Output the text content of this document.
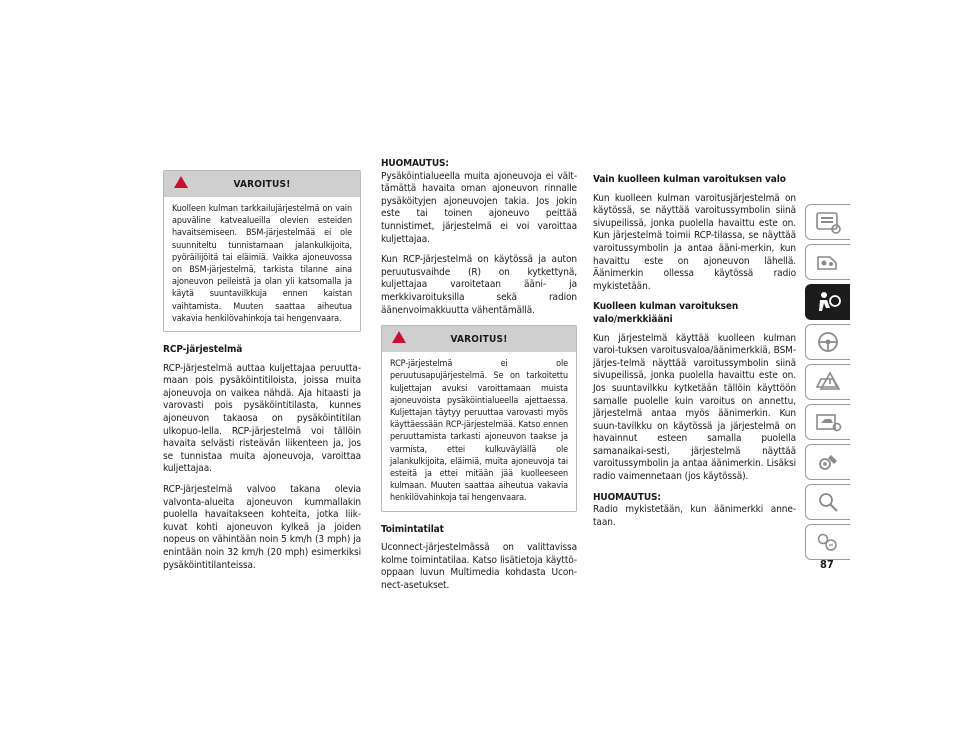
VAROITUS!

Kuolleen kulman tarkkailujärjestelmä on vain apuväline katvealueilla olevien esteiden havaitsemiseen. BSM-järjestelmää ei ole suunniteltu tunnistamaan jalankulkijoita, pyöräilijöitä tai eläimiä. Vaikka ajoneuvossa on BSM-järjestelmä, tarkista tilanne aina ajoneuvon peileistä ja olan yli katsomalla ja käytä suuntavilkkuja ennen kaistan vaihtamista. Muuten saattaa aiheutua vakavia henkilövahinkoja tai hengenvaara.

RCP-järjestelmä

RCP-järjestelmä auttaa kuljettajaa peruutta-maan pois pysäköintitiloista, joissa muita ajoneuvoja on vaikea nähdä. Aja hitaasti ja varovasti pois pysäköintitilasta, kunnes ajoneuvon takaosa on pysäköintitilan ulkopuo-lella. RCP-järjestelmä voi tällöin havaita selvästi risteävän liikenteen ja, jos se tunnistaa muita ajoneuvoja, varoittaa kuljettajaa.

RCP-järjestelmä valvoo takana olevia valvonta-alueita ajoneuvon kummallakin puolella havaitakseen kohteita, jotka liik-kuvat kohti ajoneuvon kylkeä ja joiden nopeus on vähintään noin 5 km/h (3 mph) ja enintään noin 32 km/h (20 mph) esimerkiksi pysäköintitilanteissa.

HUOMAUTUS:

Pysäköintialueella muita ajoneuvoja ei vält-tämättä havaita oman ajoneuvon rinnalle pysäköityjen ajoneuvojen takia. Jos jokin este tai toinen ajoneuvo peittää tunnistimet, järjestelmä ei voi varoittaa kuljettajaa.

Kun RCP-järjestelmä on käytössä ja auton peruutusvaihde (R) on kytkettynä, kuljettajaa varoitetaan ääni- ja merkkivaroituksilla sekä radion äänenvoimakkuutta vähentämällä.

VAROITUS!

RCP-järjestelmä ei ole peruutusapujärjestelmä. Se on tarkoitettu kuljettajan avuksi varoittamaan muista ajoneuvoista pysäköintialueella ajettaessa. Kuljettajan täytyy peruuttaa varovasti myös käyttäessään RCP-järjestelmää. Katso ennen peruuttamista tarkasti ajoneuvon taakse ja varmista, ettei kulkuväylällä ole jalankulkijoita, eläimiä, muita ajoneuvoja tai esteitä ja ettei mitään jää kuolleeseen kulmaan. Muuten saattaa aiheutua vakavia henkilövahinkoja tai hengenvaara.

Toimintatilat

Uconnect-järjestelmässä on valittavissa kolme toimintatilaa. Katso lisätietoja käyttö-oppaan luvun Multimedia kohdasta Ucon-nect-asetukset.

Vain kuolleen kulman varoituksen valo

Kun kuolleen kulman varoitusjärjestelmä on käytössä, se näyttää varoitussymbolin siinä sivupeilissä, jonka puolella havaittu este on. Kun järjestelmä toimii RCP-tilassa, se näyttää varoitussymbolin ja antaa ääni-merkin, kun havaittu este on ajoneuvon lähellä. Äänimerkin ollessa käytössä radio mykistetään.

Kuolleen kulman varoituksen valo/merkkiääni

Kun järjestelmä käyttää kuolleen kulman varoi-tuksen varoitusvaloa/äänimerkkiä, BSM-järjes-telmä näyttää varoitussymbolin siinä sivupeilissä, jonka puolella havaittu este on. Jos suuntavilkku kytketään tällöin käyttöön samalle puolelle kuin varoitus on annettu, järjestelmä antaa myös äänimerkin. Kun suun-tavilkku on käytössä ja järjestelmä on havainnut esteen samalla puolella samanaikai-sesti, järjestelmä näyttää varoitussymbolin ja antaa äänimerkin. Lisäksi radio vaimennetaan (jos käytössä).

HUOMAUTUS:

Radio mykistetään, kun äänimerkki anne-taan.

87
